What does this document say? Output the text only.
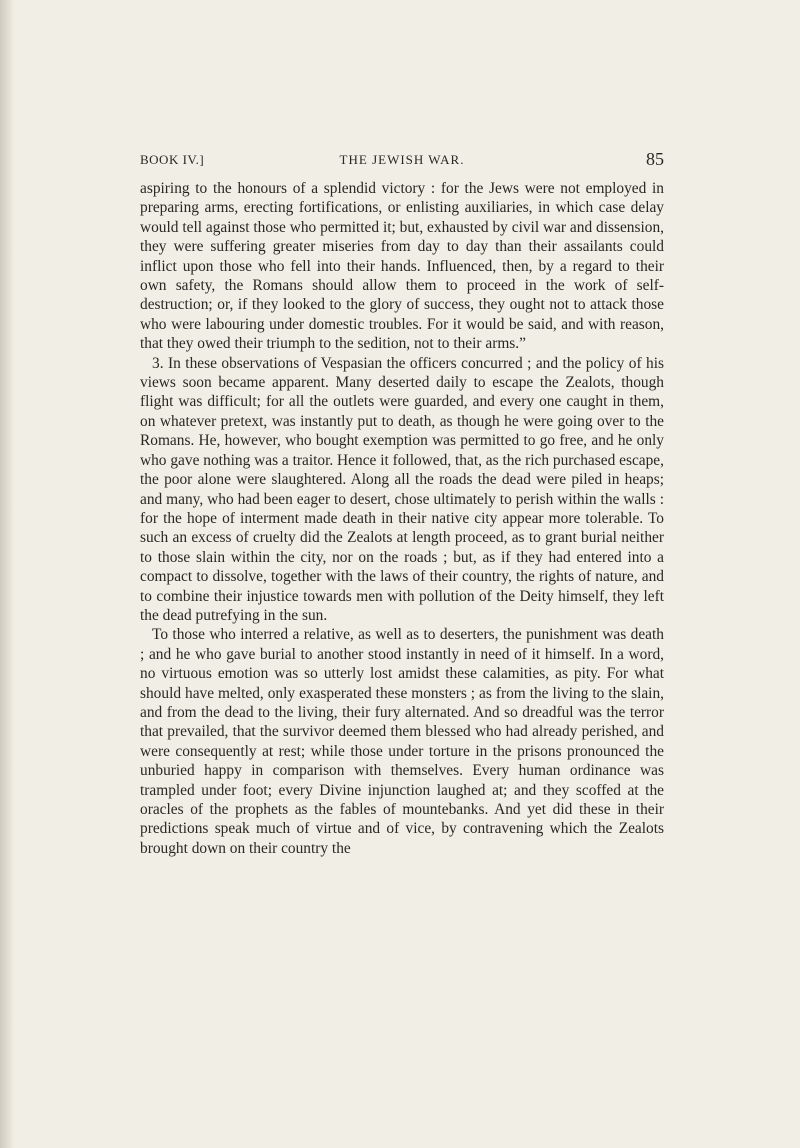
BOOK IV.]	THE JEWISH WAR.	85

aspiring to the honours of a splendid victory : for the Jews were not employed in preparing arms, erecting fortifications, or enlisting auxiliaries, in which case delay would tell against those who permitted it; but, exhausted by civil war and dissension, they were suffering greater miseries from day to day than their assailants could inflict upon those who fell into their hands. Influenced, then, by a regard to their own safety, the Romans should allow them to proceed in the work of self-destruction; or, if they looked to the glory of success, they ought not to attack those who were labouring under domestic troubles. For it would be said, and with reason, that they owed their triumph to the sedition, not to their arms.”

3. In these observations of Vespasian the officers concurred ; and the policy of his views soon became apparent. Many deserted daily to escape the Zealots, though flight was difficult; for all the outlets were guarded, and every one caught in them, on whatever pretext, was instantly put to death, as though he were going over to the Romans. He, however, who bought exemption was permitted to go free, and he only who gave nothing was a traitor. Hence it followed, that, as the rich purchased escape, the poor alone were slaughtered. Along all the roads the dead were piled in heaps; and many, who had been eager to desert, chose ultimately to perish within the walls : for the hope of interment made death in their native city appear more tolerable. To such an excess of cruelty did the Zealots at length proceed, as to grant burial neither to those slain within the city, nor on the roads ; but, as if they had entered into a compact to dissolve, together with the laws of their country, the rights of nature, and to combine their injustice towards men with pollution of the Deity himself, they left the dead putrefying in the sun.

To those who interred a relative, as well as to deserters, the punishment was death ; and he who gave burial to another stood instantly in need of it himself. In a word, no virtuous emotion was so utterly lost amidst these calamities, as pity. For what should have melted, only exasperated these monsters ; as from the living to the slain, and from the dead to the living, their fury alternated. And so dreadful was the terror that prevailed, that the survivor deemed them blessed who had already perished, and were consequently at rest; while those under torture in the prisons pronounced the unburied happy in comparison with themselves. Every human ordinance was trampled under foot; every Divine injunction laughed at; and they scoffed at the oracles of the prophets as the fables of mountebanks. And yet did these in their predictions speak much of virtue and of vice, by contravening which the Zealots brought down on their country the
